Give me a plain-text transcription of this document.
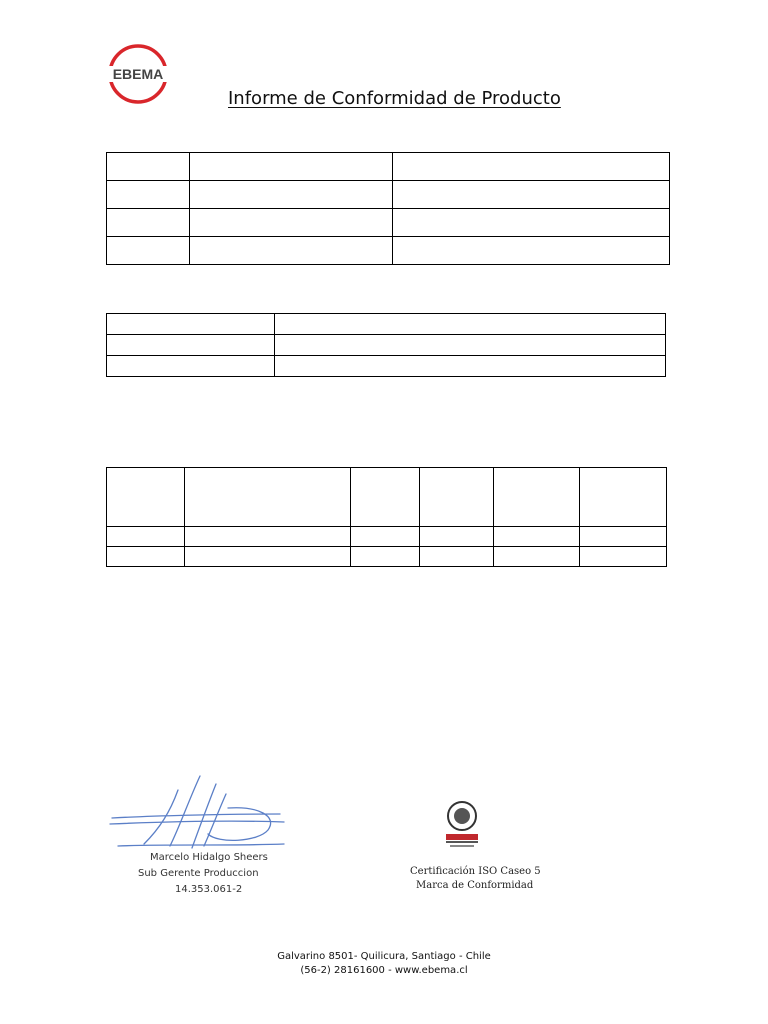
EBEMA
Informe de Conformidad de Producto

Marcelo Hidalgo Sheers
Sub Gerente Produccion
14.353.061-2
Certificación ISO Caseo 5
Marca de Conformidad
Galvarino 8501- Quilicura, Santiago - Chile
(56-2) 28161600 - www.ebema.cl
